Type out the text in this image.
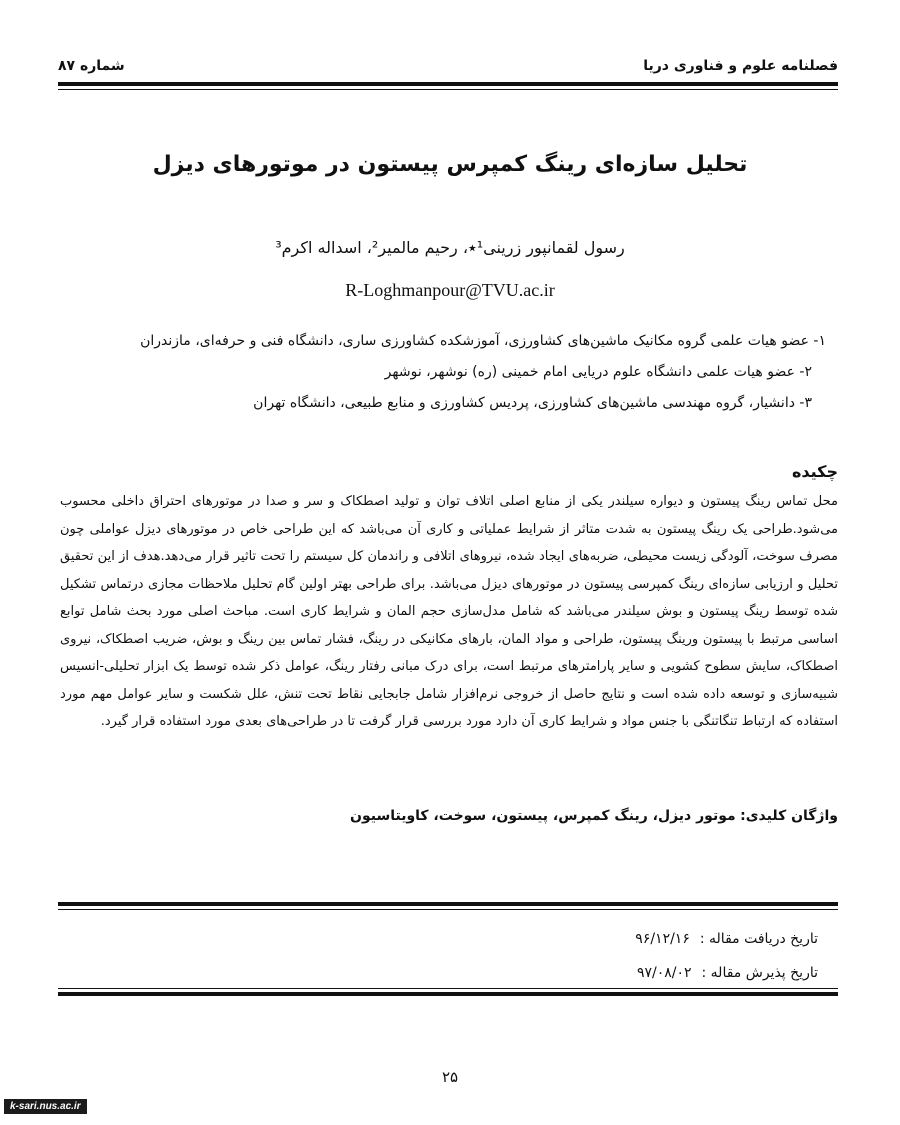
فصلنامه علوم و فناوری دریا
شماره ۸۷
تحلیل سازه‌ای رینگ کمپرس پیستون در موتورهای دیزل
رسول لقمانپور زرینی¹٭، رحیم مالمیر²، اسداله اکرم³
R-Loghmanpour@TVU.ac.ir
۱- عضو هیات علمی گروه مکانیک ماشین‌های کشاورزی، آموزشکده کشاورزی ساری، دانشگاه فنی و حرفه‌ای، مازندران
۲- عضو هیات علمی دانشگاه علوم دریایی امام خمینی (ره) نوشهر، نوشهر
۳- دانشیار، گروه مهندسی ماشین‌های کشاورزی، پردیس کشاورزی و منابع طبیعی، دانشگاه تهران
چکیده
محل تماس رینگ پیستون و دیواره سیلندر یکی از منابع اصلی اتلاف توان و تولید اصطکاک و سر و صدا در موتورهای احتراق داخلی محسوب می‌شود.طراحی یک رینگ پیستون به شدت متاثر از شرایط عملیاتی و کاری آن می‌باشد که این طراحی خاص در موتورهای دیزل عواملی چون مصرف سوخت، آلودگی زیست محیطی، ضربه‌های ایجاد شده، نیروهای اتلافی و راندمان کل سیستم را تحت تاثیر قرار می‌دهد.هدف از این تحقیق تحلیل و ارزیابی سازه‌ای رینگ کمپرسی پیستون در موتورهای دیزل می‌باشد. برای طراحی بهتر اولین گام تحلیل ملاحظات مجازی درتماس تشکیل شده توسط رینگ پیستون و بوش سیلندر می‌باشد که شامل مدل‌سازی حجم المان و شرایط کاری است. مباحث اصلی مورد بحث شامل توابع اساسی مرتبط با پیستون ورینگ پیستون، طراحی و مواد المان، بارهای مکانیکی در رینگ، فشار تماس بین رینگ و بوش، ضریب اصطکاک، نیروی اصطکاک، سایش سطوح کشویی و سایر پارامترهای مرتبط است، برای درک مبانی رفتار رینگ، عوامل ذکر شده توسط یک ابزار تحلیلی-انسیس شبیه‌سازی و توسعه داده شده است و نتایج حاصل از خروجی نرم‌افزار شامل جابجایی نقاط تحت تنش، علل شکست و سایر عوامل مهم مورد استفاده که ارتباط تنگاتنگی با جنس مواد و شرایط کاری آن دارد مورد بررسی قرار گرفت تا در طراحی‌های بعدی مورد استفاده قرار گیرد.
واژگان کلیدی: موتور دیزل، رینگ کمپرس، پیستون، سوخت، کاویتاسیون
تاریخ دریافت مقاله :
۹۶/۱۲/۱۶
تاریخ پذیرش مقاله :
۹۷/۰۸/۰۲
۲۵
k-sari.nus.ac.ir
